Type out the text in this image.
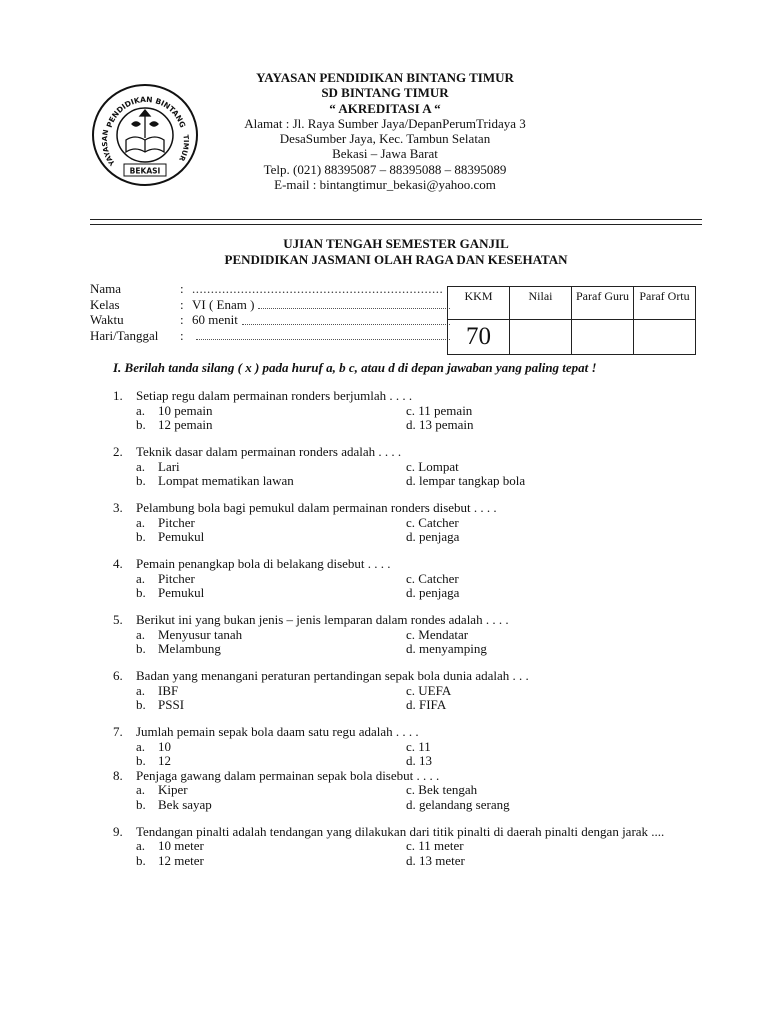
PENDIDIKAN BINTANG
YAYASAN
TIMUR
BEKASI
YAYASAN PENDIDIKAN BINTANG TIMUR
SD BINTANG TIMUR
“ AKREDITASI A “
Alamat : Jl. Raya Sumber Jaya/DepanPerumTridaya 3
DesaSumber Jaya, Kec. Tambun Selatan
Bekasi – Jawa Barat
Telp. (021) 88395087 – 88395088 – 88395089
E-mail : bintangtimur_bekasi@yahoo.com
UJIAN TENGAH SEMESTER GANJIL
PENDIDIKAN JASMANI OLAH RAGA DAN KESEHATAN
Nama	: ...................................................................
Kelas	: VI ( Enam )
Waktu	: 60 menit
Hari/Tanggal	:
KKM	Nilai	Paraf Guru	Paraf Ortu
70			
I. Berilah tanda silang ( x ) pada huruf a, b c, atau d di depan jawaban yang paling tepat !
1.	Setiap regu dalam permainan ronders berjumlah . . . .
a. 10 pemain	c. 11 pemain
b. 12 pemain	d. 13 pemain
2.	Teknik dasar dalam permainan ronders adalah . . . .
a. Lari	c. Lompat
b. Lompat mematikan lawan	d. lempar tangkap bola
3.	Pelambung bola bagi pemukul dalam permainan ronders disebut . . . .
a. Pitcher	c. Catcher
b. Pemukul	d. penjaga
4.	Pemain penangkap bola di belakang disebut . . . .
a. Pitcher	c. Catcher
b. Pemukul	d. penjaga
5.	Berikut ini yang bukan jenis – jenis lemparan dalam rondes adalah . . . .
a. Menyusur tanah	c. Mendatar
b. Melambung	d. menyamping
6.	Badan yang menangani peraturan pertandingan sepak bola dunia adalah . . .
a. IBF	c. UEFA
b. PSSI	d. FIFA
7.	Jumlah pemain sepak bola daam satu regu adalah . . . .
a. 10	c. 11
b. 12	d. 13
8.	Penjaga gawang dalam permainan sepak bola disebut . . . .
a. Kiper	c. Bek tengah
b. Bek sayap	d. gelandang serang
9.	Tendangan pinalti adalah tendangan yang dilakukan dari titik pinalti di daerah pinalti dengan jarak ....
a. 10 meter	c. 11 meter
b. 12 meter	d. 13 meter
